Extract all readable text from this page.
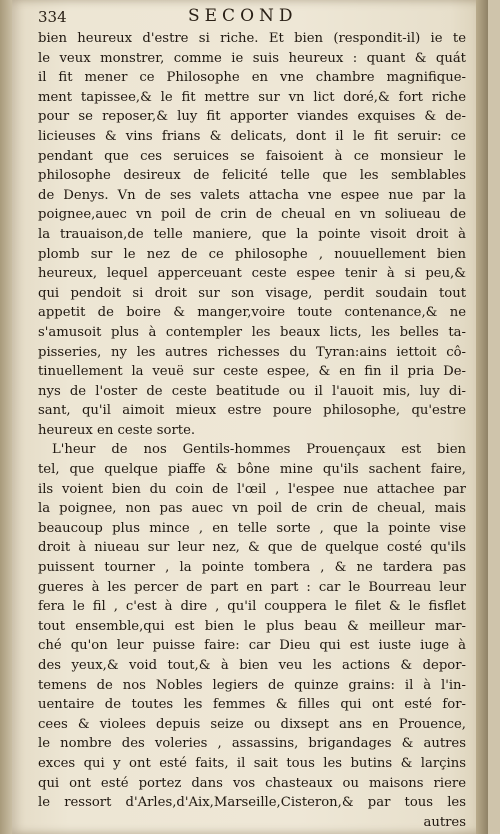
334	SECOND
bien heureux d'estre si riche. Et bien (respondit-il) ie te
le veux monstrer, comme ie suis heureux : quant & quát
il fit mener ce Philosophe en vne chambre magnifique-
ment tapissee,& le fit mettre sur vn lict doré,& fort riche
pour se reposer,& luy fit apporter viandes exquises & de-
licieuses & vins frians & delicats, dont il le fit seruir: ce
pendant que ces seruices se faisoient à ce monsieur le
philosophe desireux de felicité telle que les semblables
de Denys. Vn de ses valets attacha vne espee nue par la
poignee,auec vn poil de crin de cheual en vn soliueau de
la trauaison,de telle maniere, que la pointe visoit droit à
plomb sur le nez de ce philosophe , nouuellement bien
heureux, lequel apperceuant ceste espee tenir à si peu,&
qui pendoit si droit sur son visage, perdit soudain tout
appetit de boire & manger,voire toute contenance,& ne
s'amusoit plus à contempler les beaux licts, les belles ta-
pisseries, ny les autres richesses du Tyran:ains iettoit cô-
tinuellement la veuë sur ceste espee, & en fin il pria De-
nys de l'oster de ceste beatitude ou il l'auoit mis, luy di-
sant, qu'il aimoit mieux estre poure philosophe, qu'estre
heureux en ceste sorte.
L'heur de nos Gentils-hommes Prouençaux est bien
tel, que quelque piaffe & bône mine qu'ils sachent faire,
ils voient bien du coin de l'œil , l'espee nue attachee par
la poignee, non pas auec vn poil de crin de cheual, mais
beaucoup plus mince , en telle sorte , que la pointe vise
droit à niueau sur leur nez, & que de quelque costé qu'ils
puissent tourner , la pointe tombera , & ne tardera pas
gueres à les percer de part en part : car le Bourreau leur
fera le fil , c'est à dire , qu'il couppera le filet & le fisflet
tout ensemble,qui est bien le plus beau & meilleur mar-
ché qu'on leur puisse faire: car Dieu qui est iuste iuge à
des yeux,& void tout,& à bien veu les actions & depor-
temens de nos Nobles legiers de quinze grains: il à l'in-
uentaire de toutes les femmes & filles qui ont esté for-
cees & violees depuis seize ou dixsept ans en Prouence,
le nombre des voleries , assassins, brigandages & autres
exces qui y ont esté faits, il sait tous les butins & larçins
qui ont esté portez dans vos chasteaux ou maisons riere
le ressort d'Arles,d'Aix,Marseille,Cisteron,& par tous les
autres
